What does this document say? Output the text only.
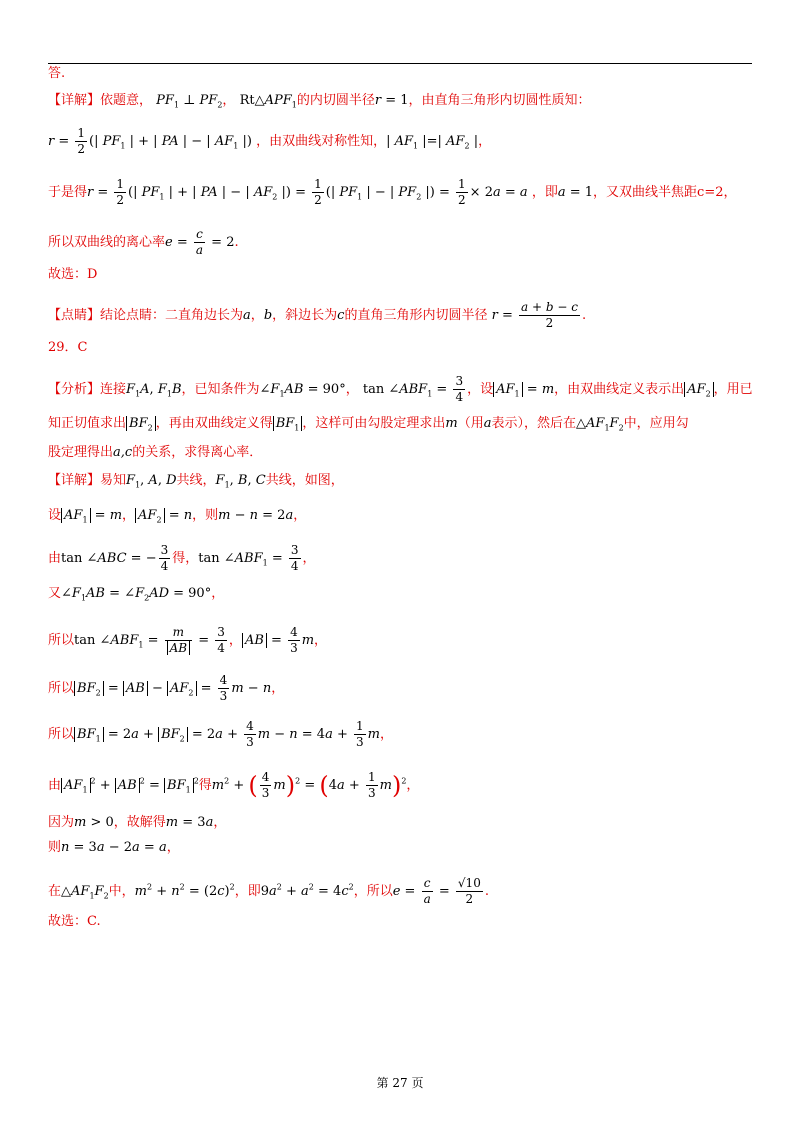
答.
【详解】依题意， $PF_1$ ⊥ $PF_2$， $Rt\triangle APF_1$的内切圆半径r = 1，由直角三角形内切圆性质知：
$r = \frac{1}{2}$ (| $PF_1$ | + | PA | − | $AF_1$ |) ，由双曲线对称性知，| $AF_1$ |=| $AF_2$ |，
于是得$r = \frac{1}{2}$ (| $PF_1$ | + | PA | − | $AF_2$ |) = $\frac{1}{2}$ (| $PF_1$ | − | $PF_2$ |) = $\frac{1}{2} \times 2a = a$ ，即a = 1，又双曲线半焦距c=2，
所以双曲线的离心率$e = \frac{c}{a} = 2$.
故选：D
【点睛】结论点睛：二直角边长为a，b，斜边长为c的直角三角形内切圆半径 $r = \frac{a + b - c}{2}$ .
29．C
【分析】连接$F_1A$, $F_1B$，已知条件为$\angle F_1AB = 90^\circ$， $\tan \angle ABF_1 = \frac{3}{4}$ ，设 $AF_1 = m$，由双曲线定义表示出 $AF_2$ ，用已
知正切值求出 $BF_2$ ，再由双曲线定义得 $BF_1$ ，这样可由勾股定理求出m（用a表示），然后在$\triangle AF_1F_2$中，应用勾
股定理得出a,c的关系，求得离心率．
【详解】易知$F_1$, A, D共线，$F_1$, B, C共线，如图，
设 $AF_1 = m$， $AF_2 = n$，则m − n = 2a，
由tan ∠ABC = − $\frac{3}{4}$ 得，$\tan \angle ABF_1 = \frac{3}{4}$ ，
又$\angle F_1AB$ = $\angle F_2AD = 90^\circ$，
所以$\tan \angle ABF_1 = \frac{m}{AB} = \frac{3}{4}$ ， AB = $\frac{4}{3}$ m，
所以 $BF_2$ = AB − $AF_2 = \frac{4}{3}$ m − n，
所以 $BF_1 = 2a + BF_2 = 2a + \frac{4}{3}$ $m - n = 4a + \frac{1}{3}$ m，
由 $AF_1^2$ + AB $^2 = BF_1^2$得$m^2$ + ( $\frac{4}{3} m)^2 = (4a + \frac{1}{3} m)^2$，
因为m > 0，故解得m = 3a，
则n = 3a − 2a = a，
在$\triangle AF_1F_2$中，$m^2 + n^2 = (2c)^2$，即$9a^2 + a^2 = 4c^2$，所以$e = \frac{c}{a} = \frac{√10}{2}$ .
故选：C.
第 27 页
